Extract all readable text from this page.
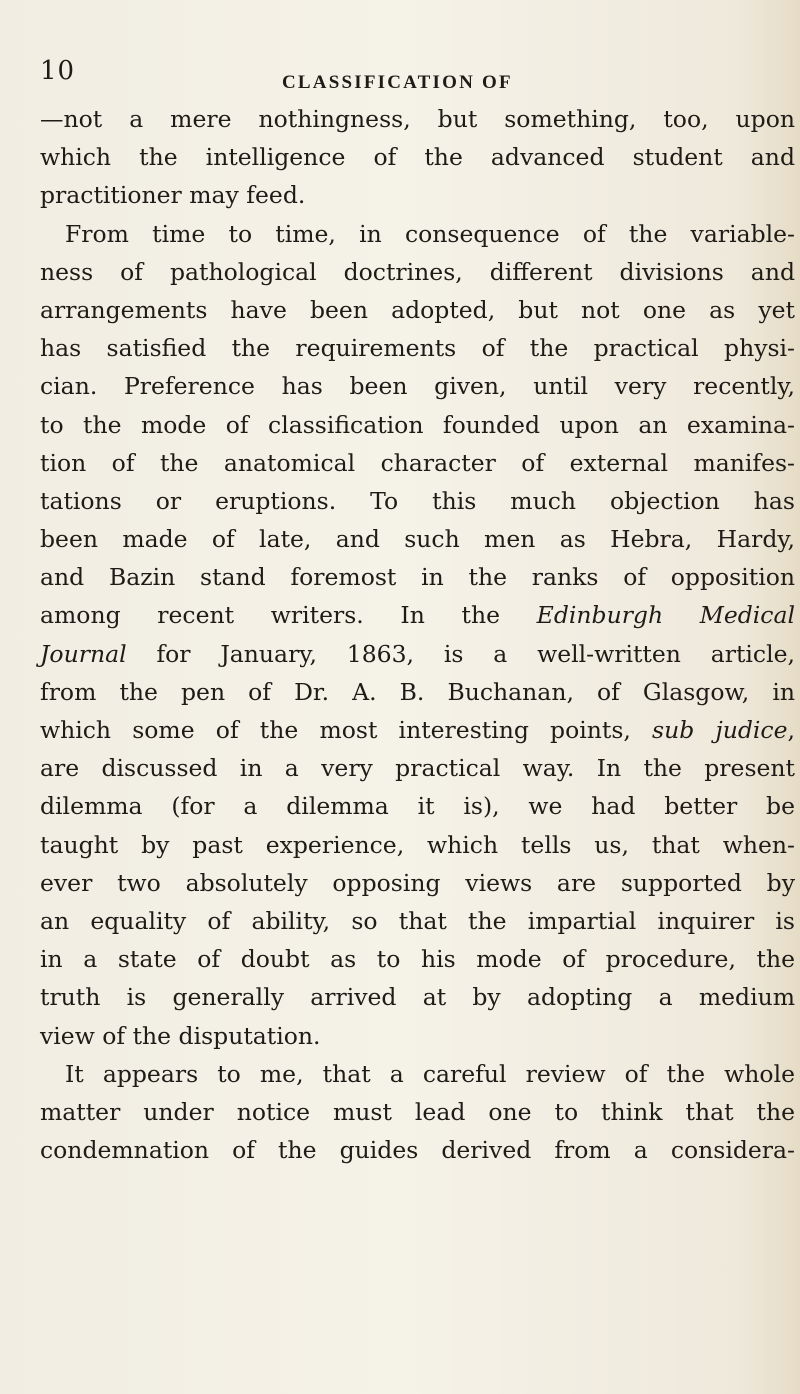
10	CLASSIFICATION OF
—not a mere nothingness, but something, too, upon
which the intelligence of the advanced student and
practitioner may feed.
From time to time, in consequence of the variable-
ness of pathological doctrines, different divisions and
arrangements have been adopted, but not one as yet
has satisfied the requirements of the practical physi-
cian. Preference has been given, until very recently,
to the mode of classification founded upon an examina-
tion of the anatomical character of external manifes-
tations or eruptions. To this much objection has
been made of late, and such men as Hebra, Hardy,
and Bazin stand foremost in the ranks of opposition
among recent writers. In the Edinburgh Medical
Journal for January, 1863, is a well-written article,
from the pen of Dr. A. B. Buchanan, of Glasgow, in
which some of the most interesting points, sub judice,
are discussed in a very practical way. In the present
dilemma (for a dilemma it is), we had better be
taught by past experience, which tells us, that when-
ever two absolutely opposing views are supported by
an equality of ability, so that the impartial inquirer is
in a state of doubt as to his mode of procedure, the
truth is generally arrived at by adopting a medium
view of the disputation.
It appears to me, that a careful review of the whole
matter under notice must lead one to think that the
condemnation of the guides derived from a considera-
